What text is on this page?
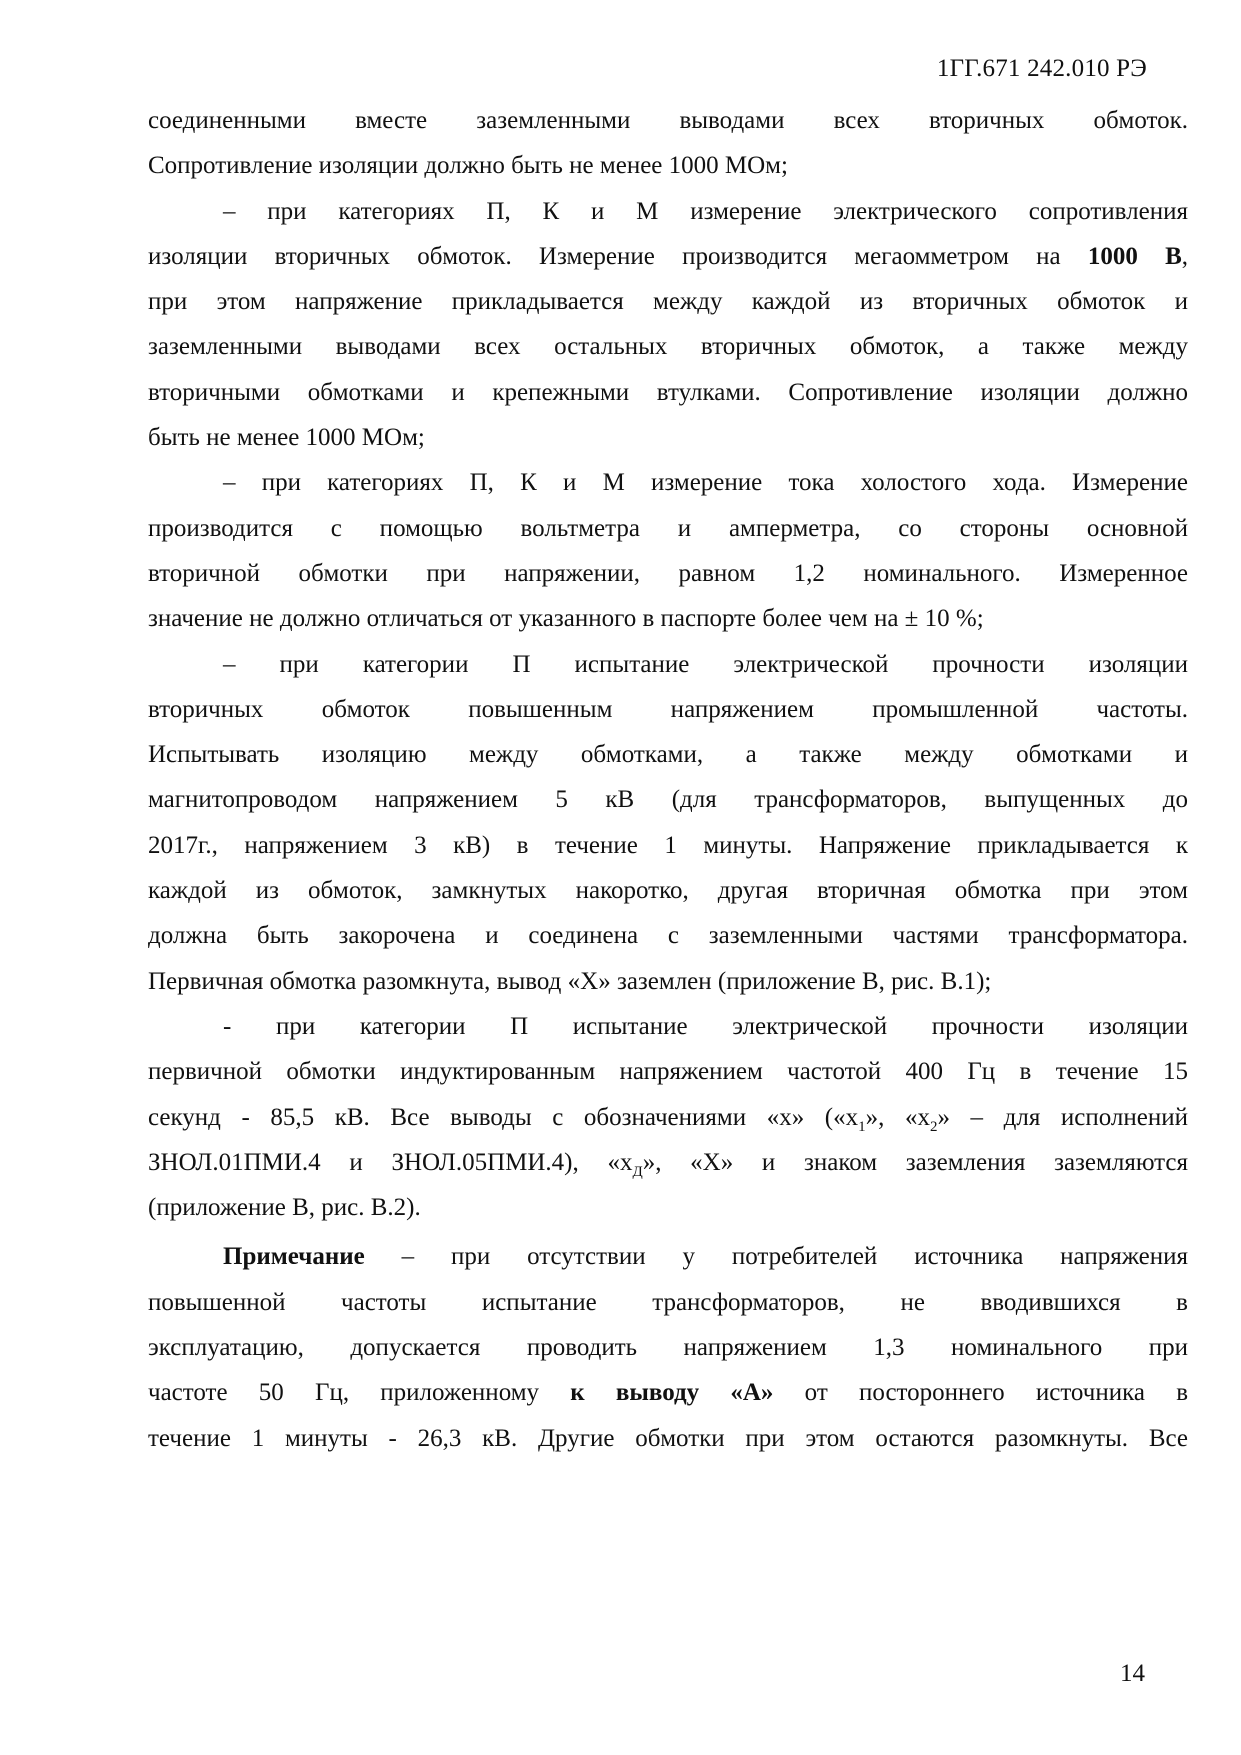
1ГГ.671 242.010 РЭ
соединенными вместе заземленными выводами всех вторичных обмоток.
Сопротивление изоляции должно быть не менее 1000 МОм;
– при категориях П, К и М измерение электрического сопротивления
изоляции вторичных обмоток. Измерение производится мегаомметром на 1000 В,
при этом напряжение прикладывается между каждой из вторичных обмоток и
заземленными выводами всех остальных вторичных обмоток, а также между
вторичными обмотками и крепежными втулками. Сопротивление изоляции должно
быть не менее 1000 МОм;
– при категориях П, К и М измерение тока холостого хода. Измерение
производится с помощью вольтметра и амперметра, со стороны основной
вторичной обмотки при напряжении, равном 1,2 номинального. Измеренное
значение не должно отличаться от указанного в паспорте более чем на ± 10 %;
– при категории П испытание электрической прочности изоляции
вторичных обмоток повышенным напряжением промышленной частоты.
Испытывать изоляцию между обмотками, а также между обмотками и
магнитопроводом напряжением 5 кВ (для трансформаторов, выпущенных до
2017г., напряжением 3 кВ) в течение 1 минуты. Напряжение прикладывается к
каждой из обмоток, замкнутых накоротко, другая вторичная обмотка при этом
должна быть закорочена и соединена с заземленными частями трансформатора.
Первичная обмотка разомкнута, вывод «X» заземлен (приложение В, рис. В.1);
- при категории П испытание электрической прочности изоляции
первичной обмотки индуктированным напряжением частотой 400 Гц в течение 15
секунд - 85,5 кВ. Все выводы с обозначениями «х» («$х_1$», «$х_2$» – для исполнений
ЗНОЛ.01ПМИ.4 и ЗНОЛ.05ПМИ.4), «$х_Д$», «X» и знаком заземления заземляются
(приложение В, рис. В.2).
Примечание – при отсутствии у потребителей источника напряжения
повышенной частоты испытание трансформаторов, не вводившихся в
эксплуатацию, допускается проводить напряжением 1,3 номинального при
частоте 50 Гц, приложенному к выводу «А» от постороннего источника в
течение 1 минуты - 26,3 кВ. Другие обмотки при этом остаются разомкнуты. Все
14
